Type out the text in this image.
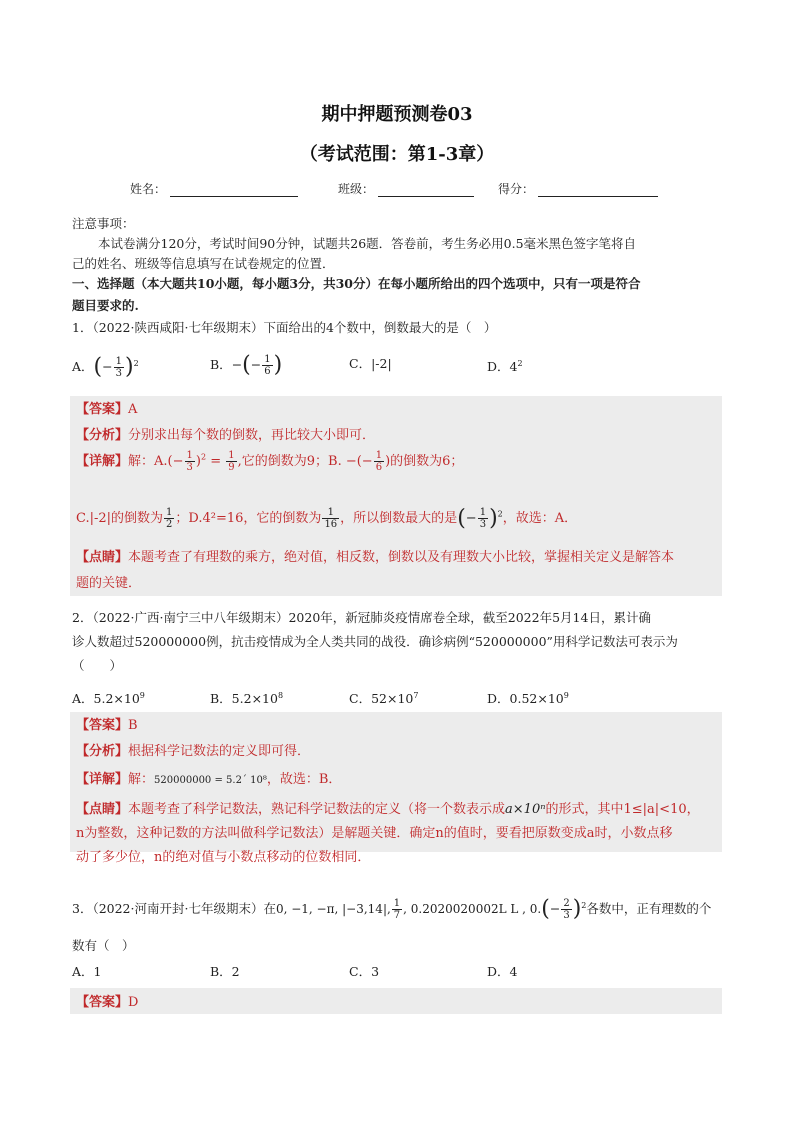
期中押题预测卷03
（考试范围：第1-3章）
姓名：	班级：	得分：
注意事项：
本试卷满分120分，考试时间90分钟，试题共26题．答卷前，考生务必用0.5毫米黑色签字笔将自
己的姓名、班级等信息填写在试卷规定的位置．
一、选择题（本大题共10小题，每小题3分，共30分）在每小题所给出的四个选项中，只有一项是符合
题目要求的.
1．（2022·陕西咸阳·七年级期末）下面给出的4个数中，倒数最大的是（　）
A．(− $\frac{1}{3} )^2$	B．−(− $\frac{1}{6}$ )	C．|-2|	D．$4^2$
【答案】A
【分析】分别求出每个数的倒数，再比较大小即可．
【详解】解：$A.(- \frac{1}{3} )^2 = \frac{1}{9}$ ,它的倒数为9；B. −(− $\frac{1}{6}$ )的倒数为6；
C.|-2|的倒数为 $\frac{1}{2}$ ；D.4²=16，它的倒数为 $\frac{1}{16}$ ，所以倒数最大的是(− $\frac{1}{3} )^2$，故选：A．
【点睛】本题考查了有理数的乘方，绝对值，相反数，倒数以及有理数大小比较，掌握相关定义是解答本
题的关键．
2．（2022·广西·南宁三中八年级期末）2020年，新冠肺炎疫情席卷全球，截至2022年5月14日，累计确
诊人数超过520000000例，抗击疫情成为全人类共同的战役．确诊病例“520000000”用科学记数法可表示为
（　　）
A．$5.2\times 10^9$	B．$5.2\times 10^8$	C．$52\times 10^7$	D．$0.52\times 10^9$
【答案】B
【分析】根据科学记数法的定义即可得．
【详解】解：520000000 = 5.2´ 10⁸，故选：B．
【点睛】本题考查了科学记数法，熟记科学记数法的定义（将一个数表示成a×10ⁿ的形式，其中1≤|a|<10，
n为整数，这种记数的方法叫做科学记数法）是解题关键．确定n的值时，要看把原数变成a时，小数点移
动了多少位，n的绝对值与小数点移动的位数相同．
3．（2022·河南开封·七年级期末）在0, −1, −π, |−3,14|, $\frac{1}{7}$ , 0.2020020002L L , $0.(- \frac{2}{3} )^2$各数中，正有理数的个
数有（　）
A．1	B．2	C．3	D．4
【答案】D
